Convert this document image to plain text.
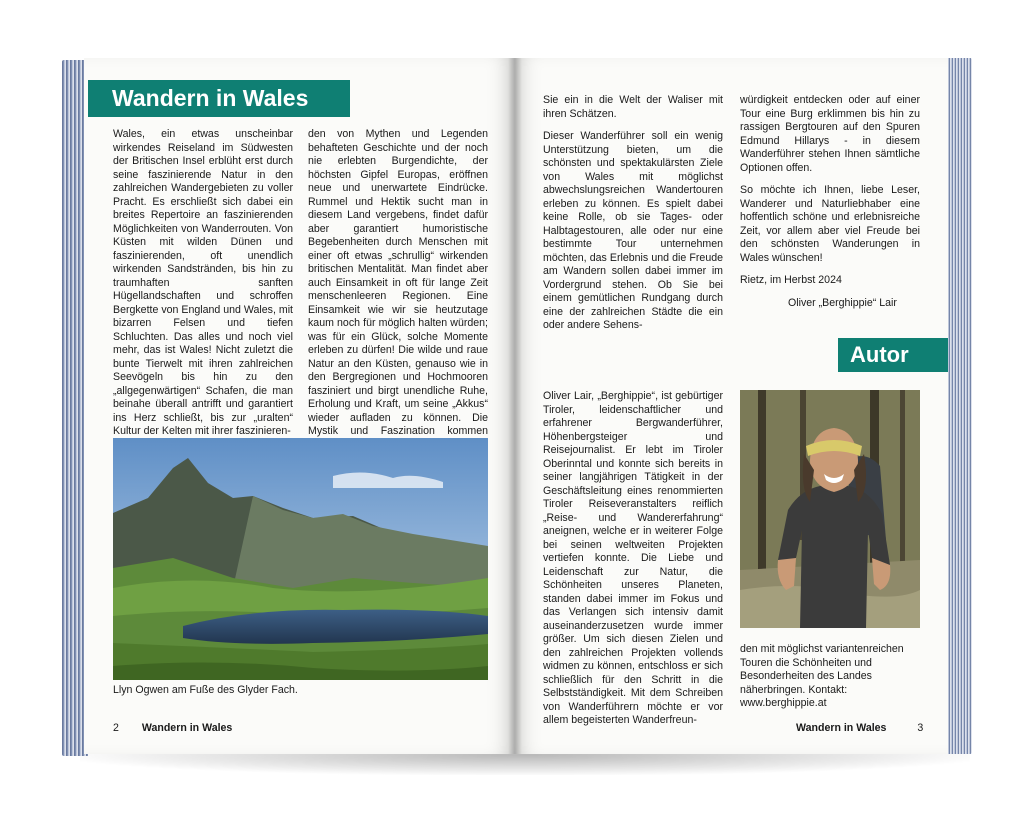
Wandern in Wales

Wales, ein etwas unscheinbar wirkendes Reiseland im Südwesten der Britischen Insel erblüht erst durch seine faszinierende Natur in den zahlreichen Wandergebieten zu voller Pracht. Es erschließt sich dabei ein breites Repertoire an faszinierenden Möglichkeiten von Wanderrouten. Von Küsten mit wilden Dünen und faszinierenden, oft unendlich wirkenden Sandstränden, bis hin zu traumhaften sanften Hügellandschaften und schroffen Bergkette von England und Wales, mit bizarren Felsen und tiefen Schluchten. Das alles und noch viel mehr, das ist Wales! Nicht zuletzt die bunte Tierwelt mit ihren zahlreichen Seevögeln bis hin zu den „allgegenwärtigen“ Schafen, die man beinahe überall antrifft und garantiert ins Herz schließt, bis zur „uralten“ Kultur der Kelten mit ihrer faszinieren-

den von Mythen und Legenden behafteten Geschichte und der noch nie erlebten Burgendichte, der höchsten Gipfel Europas, eröffnen neue und unerwartete Eindrücke. Rummel und Hektik sucht man in diesem Land vergebens, findet dafür aber garantiert humoristische Begebenheiten durch Menschen mit einer oft etwas „schrullig“ wirkenden britischen Mentalität. Man findet aber auch Einsamkeit in oft für lange Zeit menschenleeren Regionen. Eine Einsamkeit wie wir sie heutzutage kaum noch für möglich halten würden; was für ein Glück, solche Momente erleben zu dürfen! Die wilde und raue Natur an den Küsten, genauso wie in den Bergregionen und Hochmooren fasziniert und birgt unendliche Ruhe, Erholung und Kraft, um seine „Akkus“ wieder aufladen zu können. Die Mystik und Faszination kommen

Llyn Ogwen am Fuße des Glyder Fach.
2 Wandern in Wales

Sie ein in die Welt der Waliser mit ihren Schätzen.

Dieser Wanderführer soll ein wenig Unterstützung bieten, um die schönsten und spektakulärsten Ziele von Wales mit möglichst abwechslungsreichen Wandertouren erleben zu können. Es spielt dabei keine Rolle, ob sie Tages- oder Halbtagestouren, alle oder nur eine bestimmte Tour unternehmen möchten, das Erlebnis und die Freude am Wandern sollen dabei immer im Vordergrund stehen. Ob Sie bei einem gemütlichen Rundgang durch eine der zahlreichen Städte die ein oder andere Sehens-

würdigkeit entdecken oder auf einer Tour eine Burg erklimmen bis hin zu rassigen Bergtouren auf den Spuren Edmund Hillarys - in diesem Wanderführer stehen Ihnen sämtliche Optionen offen.

So möchte ich Ihnen, liebe Leser, Wanderer und Naturliebhaber eine hoffentlich schöne und erlebnisreiche Zeit, vor allem aber viel Freude bei den schönsten Wanderungen in Wales wünschen!

Rietz, im Herbst 2024

Oliver „Berghippie“ Lair

Autor

Oliver Lair, „Berghippie“, ist gebürtiger Tiroler, leidenschaftlicher und erfahrener Bergwanderführer, Höhenbergsteiger und Reisejournalist. Er lebt im Tiroler Oberinntal und konnte sich bereits in seiner langjährigen Tätigkeit in der Geschäftsleitung eines renommierten Tiroler Reiseveranstalters reiflich „Reise- und Wandererfahrung“ aneignen, welche er in weiterer Folge bei seinen weltweiten Projekten vertiefen konnte. Die Liebe und Leidenschaft zur Natur, die Schönheiten unseres Planeten, standen dabei immer im Fokus und das Verlangen sich intensiv damit auseinanderzusetzen wurde immer größer. Um sich diesen Zielen und den zahlreichen Projekten vollends widmen zu können, entschloss er sich schließlich für den Schritt in die Selbstständigkeit. Mit dem Schreiben von Wanderführern möchte er vor allem begeisterten Wanderfreun-

den mit möglichst variantenreichen Touren die Schönheiten und Besonderheiten des Landes näherbringen. Kontakt: www.berghippie.at

Wandern in Wales	3
